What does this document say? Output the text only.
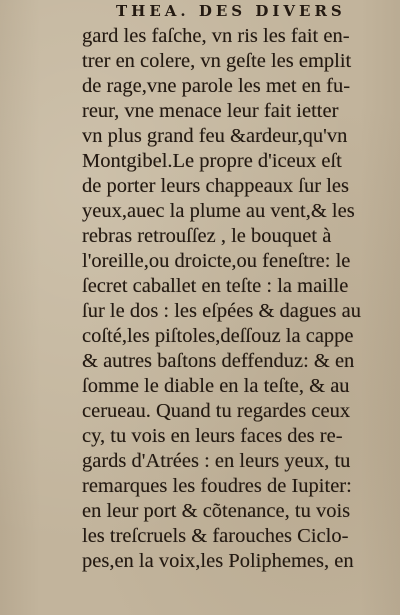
THEA. DES DIVERS
gard les faſche, vn ris les fait en-
trer en colere, vn geſte les emplit
de rage,vne parole les met en fu-
reur, vne menace leur fait ietter
vn plus grand feu &ardeur,qu'vn
Montgibel.Le propre d'iceux eſt
de porter leurs chappeaux ſur les
yeux,auec la plume au vent,& les
rebras retrouſſez , le bouquet à
l'oreille,ou droicte,ou feneſtre: le
ſecret caballet en teſte : la maille
ſur le dos : les eſpées & dagues au
coſté,les piſtoles,deſſouz la cappe
& autres baſtons deffenduz: & en
ſomme le diable en la teſte, & au
cerueau. Quand tu regardes ceux
cy, tu vois en leurs faces des re-
gards d'Atrées : en leurs yeux, tu
remarques les foudres de Iupiter:
en leur port & cõtenance, tu vois
les treſcruels & farouches Ciclo-
pes,en la voix,les Poliphemes, en
